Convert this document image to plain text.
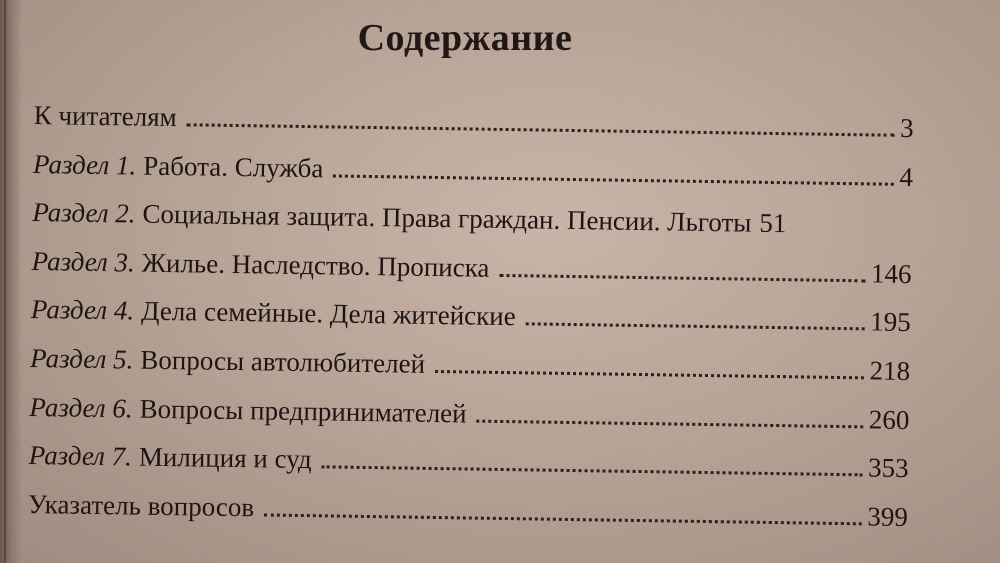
Содержание
К читателям	3
Раздел 1. Работа. Служба	4
Раздел 2. Социальная защита. Права граждан. Пенсии. Льготы 51
Раздел 3. Жилье. Наследство. Прописка	146
Раздел 4. Дела семейные. Дела житейские	195
Раздел 5. Вопросы автолюбителей	218
Раздел 6. Вопросы предпринимателей	260
Раздел 7. Милиция и суд	353
Указатель вопросов	399
